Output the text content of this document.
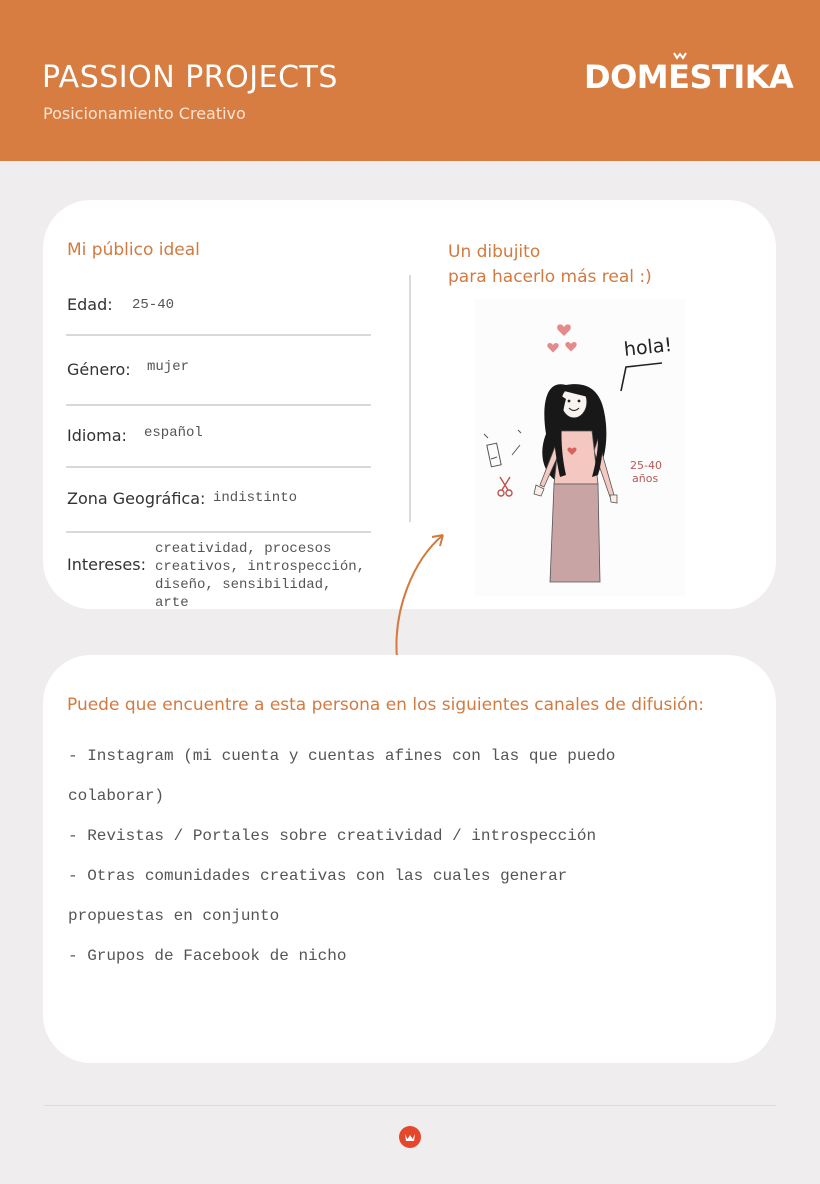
PASSION PROJECTS
Posicionamiento Creativo
DOMESTIKA
Mi público ideal
Edad: 25-40
Género: mujer
Idioma: español
Zona Geográfica: indistinto
Intereses:
creatividad, procesos
creativos, introspección,
diseño, sensibilidad,
arte
Un dibujito
para hacerlo más real :)
hola!
25-40
años
Puede que encuentre a esta persona en los siguientes canales de difusión:
- Instagram (mi cuenta y cuentas afines con las que puedo
colaborar)
- Revistas / Portales sobre creatividad / introspección
- Otras comunidades creativas con las cuales generar
propuestas en conjunto
- Grupos de Facebook de nicho
